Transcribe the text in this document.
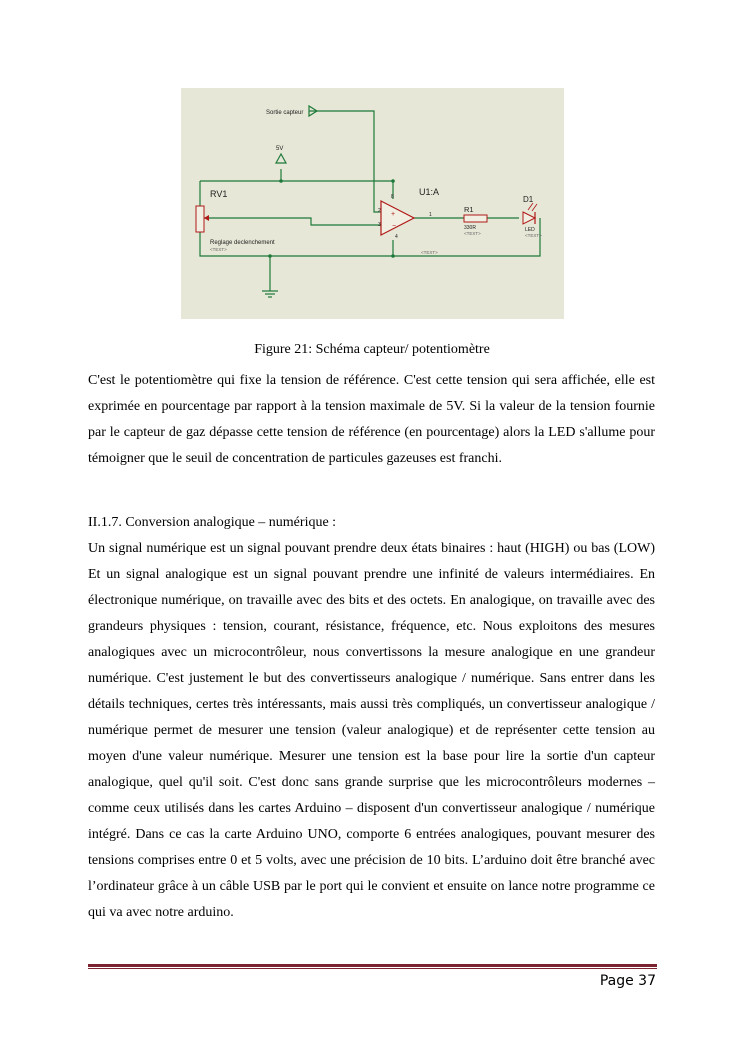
Sortie capteur
5V
RV1	U1:A
D1
R1
330R
<TEXT>
8
2
3
1
4
+
−
Reglage declenchement
<TEXT>
<TEXT>
LED
<TEXT>
Figure 21: Schéma capteur/ potentiomètre
C'est le potentiomètre qui fixe la tension de référence. C'est cette tension qui sera affichée, elle est exprimée en pourcentage par rapport à la tension maximale de 5V. Si la valeur de la tension fournie par le capteur de gaz dépasse cette tension de référence (en pourcentage) alors la LED s'allume pour témoigner que le seuil de concentration de particules gazeuses est franchi.
II.1.7. Conversion analogique – numérique :
Un signal numérique est un signal pouvant prendre deux états binaires : haut (HIGH) ou bas (LOW) Et un signal analogique est un signal pouvant prendre une infinité de valeurs intermédiaires. En électronique numérique, on travaille avec des bits et des octets. En analogique, on travaille avec des grandeurs physiques : tension, courant, résistance, fréquence, etc. Nous exploitons des mesures analogiques avec un microcontrôleur, nous convertissons la mesure analogique en une grandeur numérique. C'est justement le but des convertisseurs analogique / numérique. Sans entrer dans les détails techniques, certes très intéressants, mais aussi très compliqués, un convertisseur analogique / numérique permet de mesurer une tension (valeur analogique) et de représenter cette tension au moyen d'une valeur numérique. Mesurer une tension est la base pour lire la sortie d'un capteur analogique, quel qu'il soit. C'est donc sans grande surprise que les microcontrôleurs modernes – comme ceux utilisés dans les cartes Arduino – disposent d'un convertisseur analogique / numérique intégré. Dans ce cas la carte Arduino UNO, comporte 6 entrées analogiques, pouvant mesurer des tensions comprises entre 0 et 5 volts, avec une précision de 10 bits. L’arduino doit être branché avec l’ordinateur grâce à un câble USB par le port qui le convient et ensuite on lance notre programme ce qui va avec notre arduino.
Page 37
